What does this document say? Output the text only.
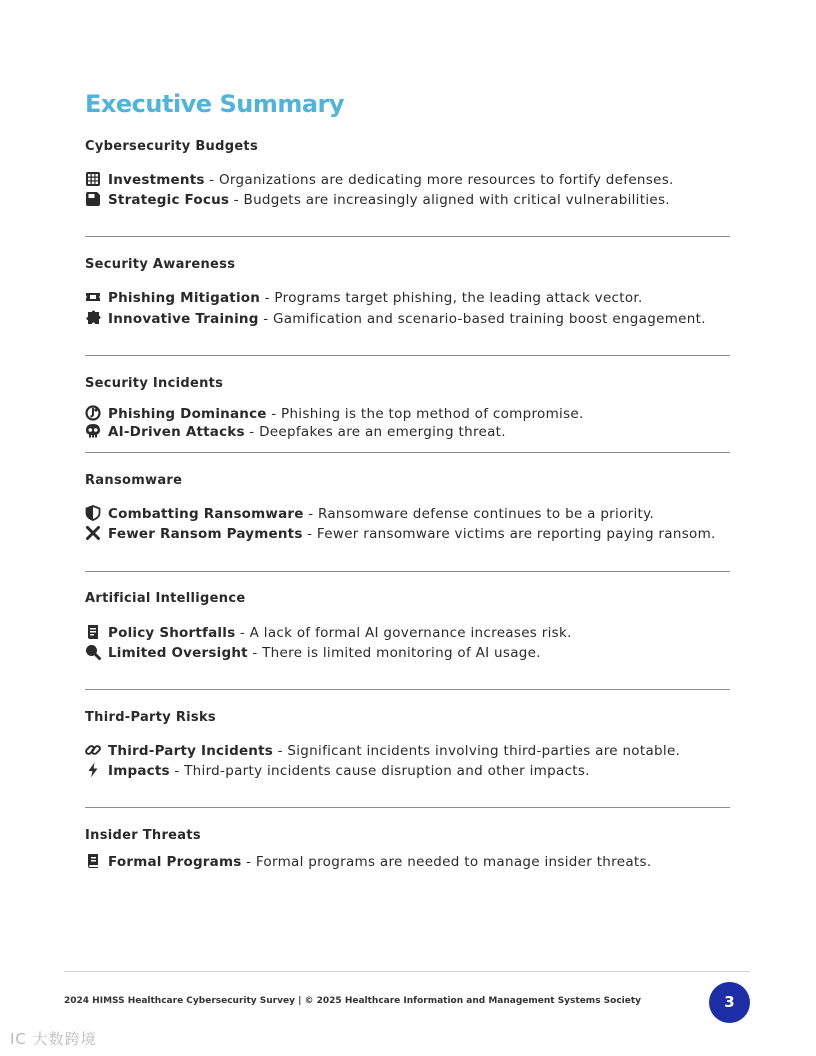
Executive Summary
Cybersecurity Budgets
Investments - Organizations are dedicating more resources to fortify defenses.
Strategic Focus - Budgets are increasingly aligned with critical vulnerabilities.
Security Awareness
Phishing Mitigation - Programs target phishing, the leading attack vector.
Innovative Training - Gamification and scenario-based training boost engagement.
Security Incidents
Phishing Dominance - Phishing is the top method of compromise.
AI-Driven Attacks - Deepfakes are an emerging threat.
Ransomware
Combatting Ransomware - Ransomware defense continues to be a priority.
Fewer Ransom Payments - Fewer ransomware victims are reporting paying ransom.
Artificial Intelligence
Policy Shortfalls - A lack of formal AI governance increases risk.
Limited Oversight - There is limited monitoring of AI usage.
Third-Party Risks
Third-Party Incidents - Significant incidents involving third-parties are notable.
Impacts - Third-party incidents cause disruption and other impacts.
Insider Threats
Formal Programs - Formal programs are needed to manage insider threats.
2024 HIMSS Healthcare Cybersecurity Survey | © 2025 Healthcare Information and Management Systems Society	3
IC 大数跨境
